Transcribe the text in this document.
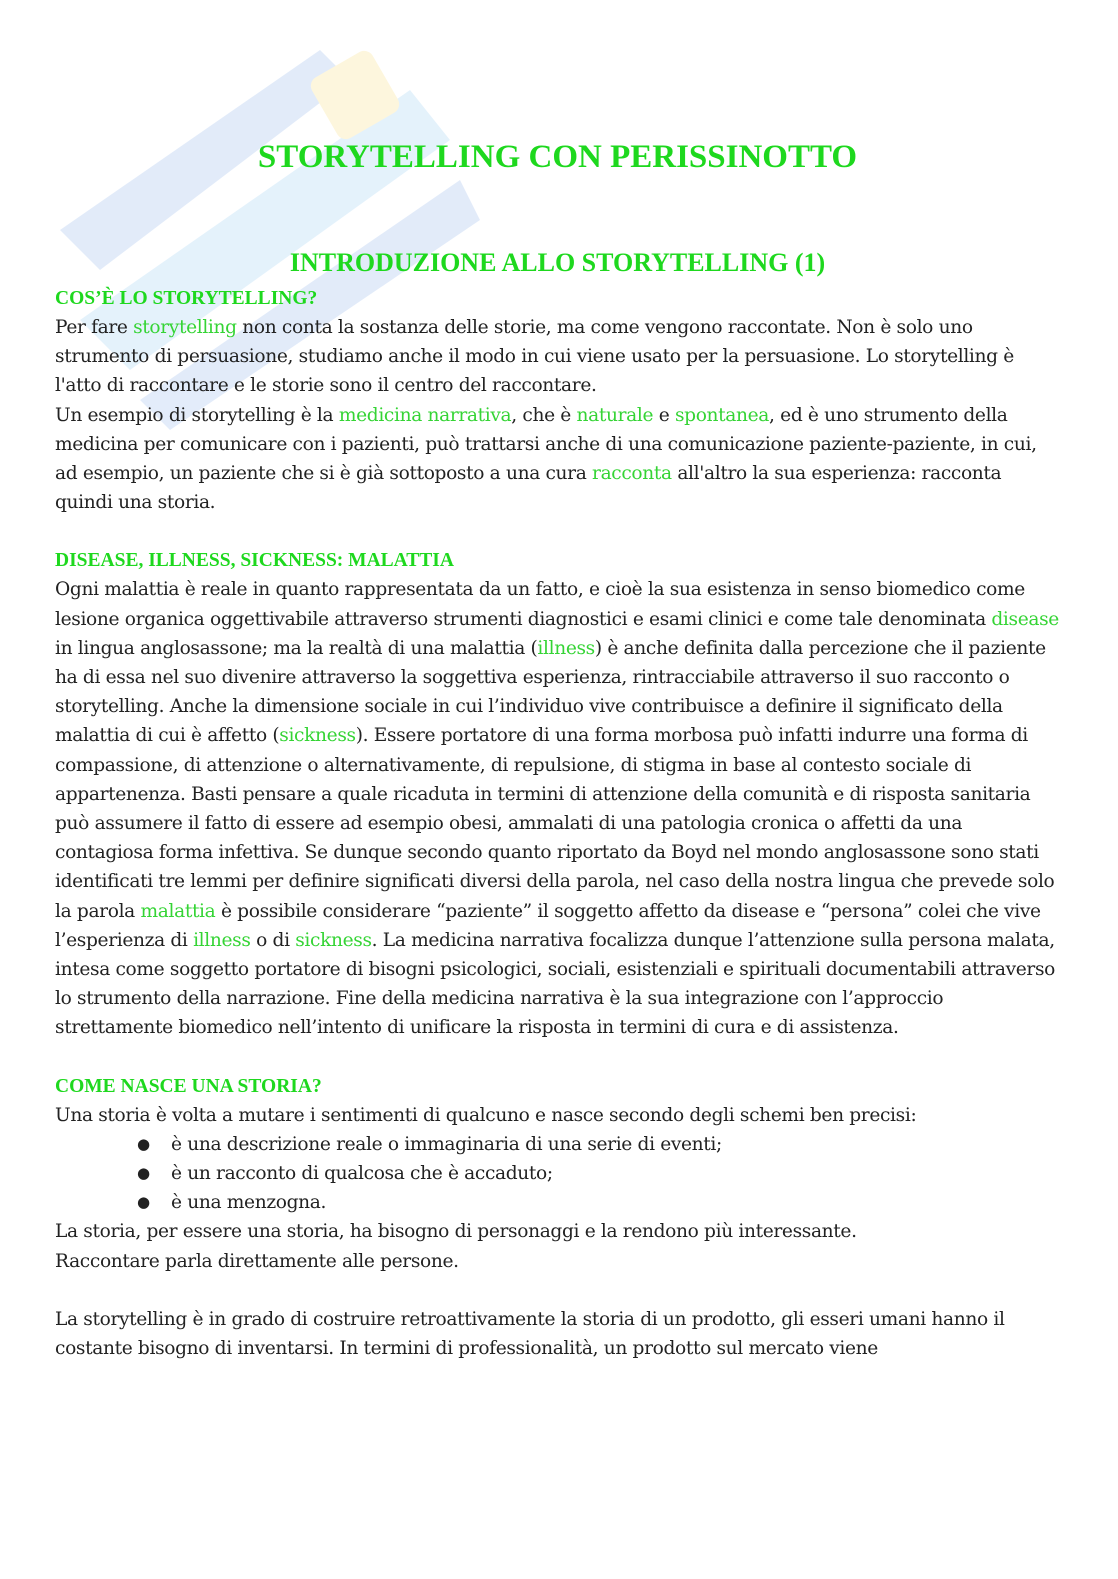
STORYTELLING CON PERISSINOTTO
INTRODUZIONE ALLO STORYTELLING (1)
COS’È LO STORYTELLING?

Per fare storytelling non conta la sostanza delle storie, ma come vengono raccontate. Non è solo uno strumento di persuasione, studiamo anche il modo in cui viene usato per la persuasione. Lo storytelling è l'atto di raccontare e le storie sono il centro del raccontare.

Un esempio di storytelling è la medicina narrativa, che è naturale e spontanea, ed è uno strumento della medicina per comunicare con i pazienti, può trattarsi anche di una comunicazione paziente-paziente, in cui, ad esempio, un paziente che si è già sottoposto a una cura racconta all'altro la sua esperienza: racconta quindi una storia.

DISEASE, ILLNESS, SICKNESS: MALATTIA

Ogni malattia è reale in quanto rappresentata da un fatto, e cioè la sua esistenza in senso biomedico come lesione organica oggettivabile attraverso strumenti diagnostici e esami clinici e come tale denominata disease in lingua anglosassone; ma la realtà di una malattia (illness) è anche definita dalla percezione che il paziente ha di essa nel suo divenire attraverso la soggettiva esperienza, rintracciabile attraverso il suo racconto o storytelling. Anche la dimensione sociale in cui l’individuo vive contribuisce a definire il significato della malattia di cui è affetto (sickness). Essere portatore di una forma morbosa può infatti indurre una forma di compassione, di attenzione o alternativamente, di repulsione, di stigma in base al contesto sociale di appartenenza. Basti pensare a quale ricaduta in termini di attenzione della comunità e di risposta sanitaria può assumere il fatto di essere ad esempio obesi, ammalati di una patologia cronica o affetti da una contagiosa forma infettiva. Se dunque secondo quanto riportato da Boyd nel mondo anglosassone sono stati identificati tre lemmi per definire significati diversi della parola, nel caso della nostra lingua che prevede solo la parola malattia è possibile considerare “paziente” il soggetto affetto da disease e “persona” colei che vive l’esperienza di illness o di sickness. La medicina narrativa focalizza dunque l’attenzione sulla persona malata, intesa come soggetto portatore di bisogni psicologici, sociali, esistenziali e spirituali documentabili attraverso lo strumento della narrazione. Fine della medicina narrativa è la sua integrazione con l’approccio strettamente biomedico nell’intento di unificare la risposta in termini di cura e di assistenza.

COME NASCE UNA STORIA?

Una storia è volta a mutare i sentimenti di qualcuno e nasce secondo degli schemi ben precisi:

● è una descrizione reale o immaginaria di una serie di eventi;
● è un racconto di qualcosa che è accaduto;
● è una menzogna.

La storia, per essere una storia, ha bisogno di personaggi e la rendono più interessante.

Raccontare parla direttamente alle persone.

La storytelling è in grado di costruire retroattivamente la storia di un prodotto, gli esseri umani hanno il costante bisogno di inventarsi. In termini di professionalità, un prodotto sul mercato viene
